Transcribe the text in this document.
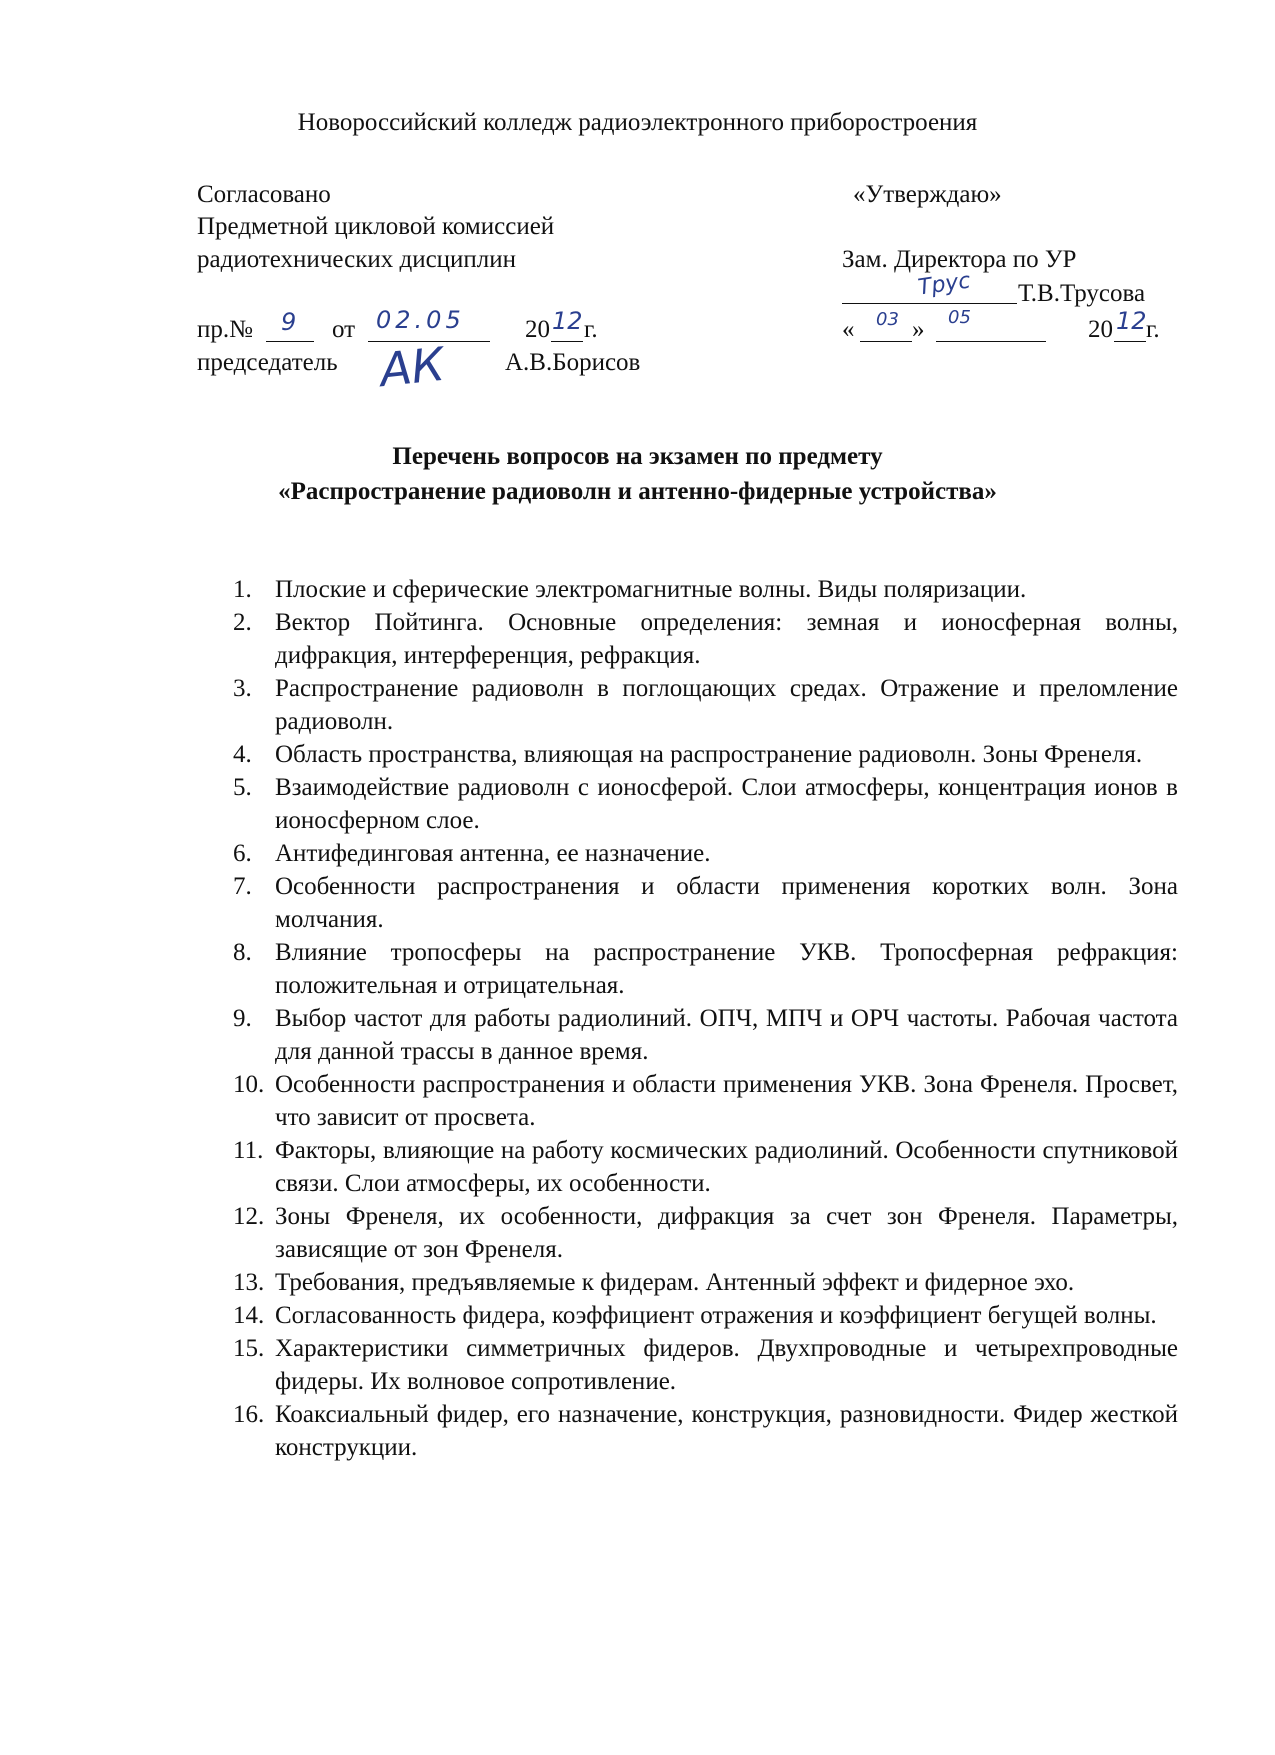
Новороссийский колледж радиоэлектронного приборостроения
Согласовано
Предметной цикловой комиссией
радиотехнических дисциплин
пр.№ 9 от 02.05 20 12 г.
председатель АК А.В.Борисов
«Утверждаю»
Зам. Директора по УР
Tруc Т.В.Трусова
« 03 » 05	20 12 г.
Перечень вопросов на экзамен по предмету
«Распространение радиоволн и антенно-фидерные устройства»
1. Плоские и сферические электромагнитные волны. Виды поляризации.
2. Вектор Пойтинга. Основные определения: земная и ионосферная волны, дифракция, интерференция, рефракция.
3. Распространение радиоволн в поглощающих средах. Отражение и преломление радиоволн.
4. Область пространства, влияющая на распространение радиоволн. Зоны Френеля.
5. Взаимодействие радиоволн с ионосферой. Слои атмосферы, концентрация ионов в ионосферном слое.
6. Антифединговая антенна, ее назначение.
7. Особенности распространения и области применения коротких волн. Зона молчания.
8. Влияние тропосферы на распространение УКВ. Тропосферная рефракция: положительная и отрицательная.
9. Выбор частот для работы радиолиний. ОПЧ, МПЧ и ОРЧ частоты. Рабочая частота для данной трассы в данное время.
10. Особенности распространения и области применения УКВ. Зона Френеля. Просвет, что зависит от просвета.
11. Факторы, влияющие на работу космических радиолиний. Особенности спутниковой связи. Слои атмосферы, их особенности.
12. Зоны Френеля, их особенности, дифракция за счет зон Френеля. Параметры, зависящие от зон Френеля.
13. Требования, предъявляемые к фидерам. Антенный эффект и фидерное эхо.
14. Согласованность фидера, коэффициент отражения и коэффициент бегущей волны.
15. Характеристики симметричных фидеров. Двухпроводные и четырехпроводные фидеры. Их волновое сопротивление.
16. Коаксиальный фидер, его назначение, конструкция, разновидности. Фидер жесткой конструкции.
